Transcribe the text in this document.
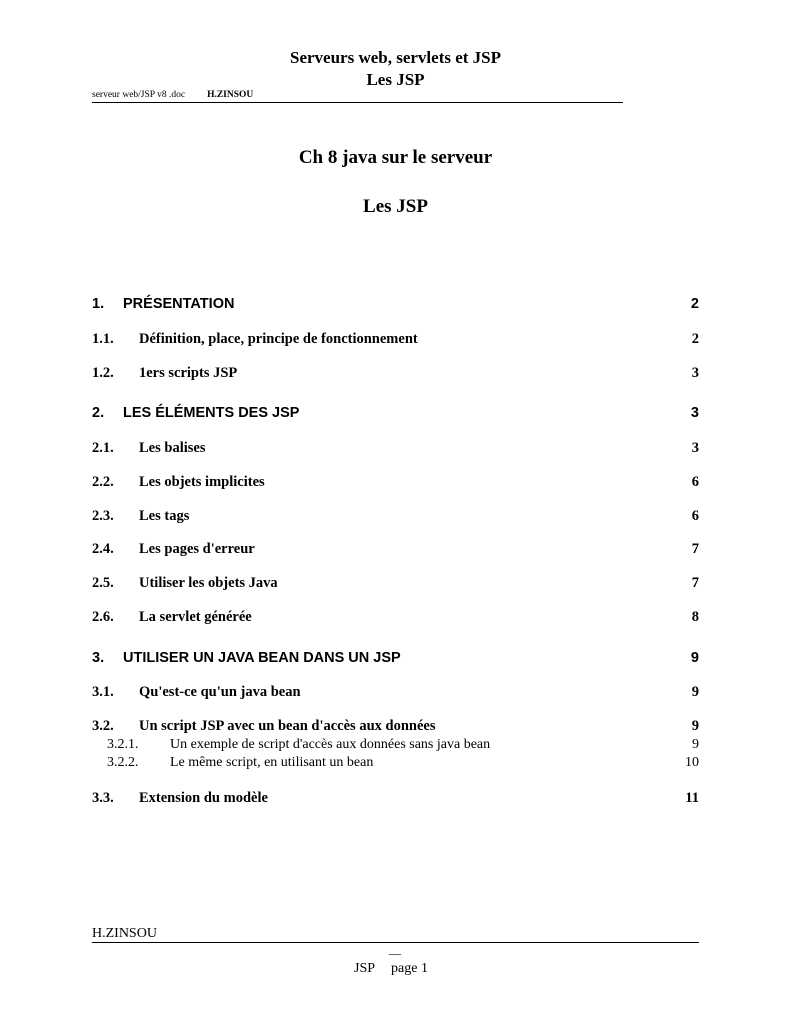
Serveurs web, servlets et JSP
Les JSP
serveur web/JSP v8 .doc H.ZINSOU
Ch 8 java sur le serveur
Les JSP
1. PRÉSENTATION	2
1.1. Définition, place, principe de fonctionnement	2
1.2. 1ers scripts JSP	3
2. LES ÉLÉMENTS DES JSP	3
2.1. Les balises	3
2.2. Les objets implicites	6
2.3. Les tags	6
2.4. Les pages d'erreur	7
2.5. Utiliser les objets Java	7
2.6. La servlet générée	8
3. UTILISER UN JAVA BEAN DANS UN JSP	9
3.1. Qu'est-ce qu'un java bean	9
3.2. Un script JSP avec un bean d'accès aux données	9
3.2.1. Un exemple de script d'accès aux données sans java bean	9
3.2.2. Le même script, en utilisant un bean	10
3.3. Extension du modèle	11
H.ZINSOU
__
JSP page 1
